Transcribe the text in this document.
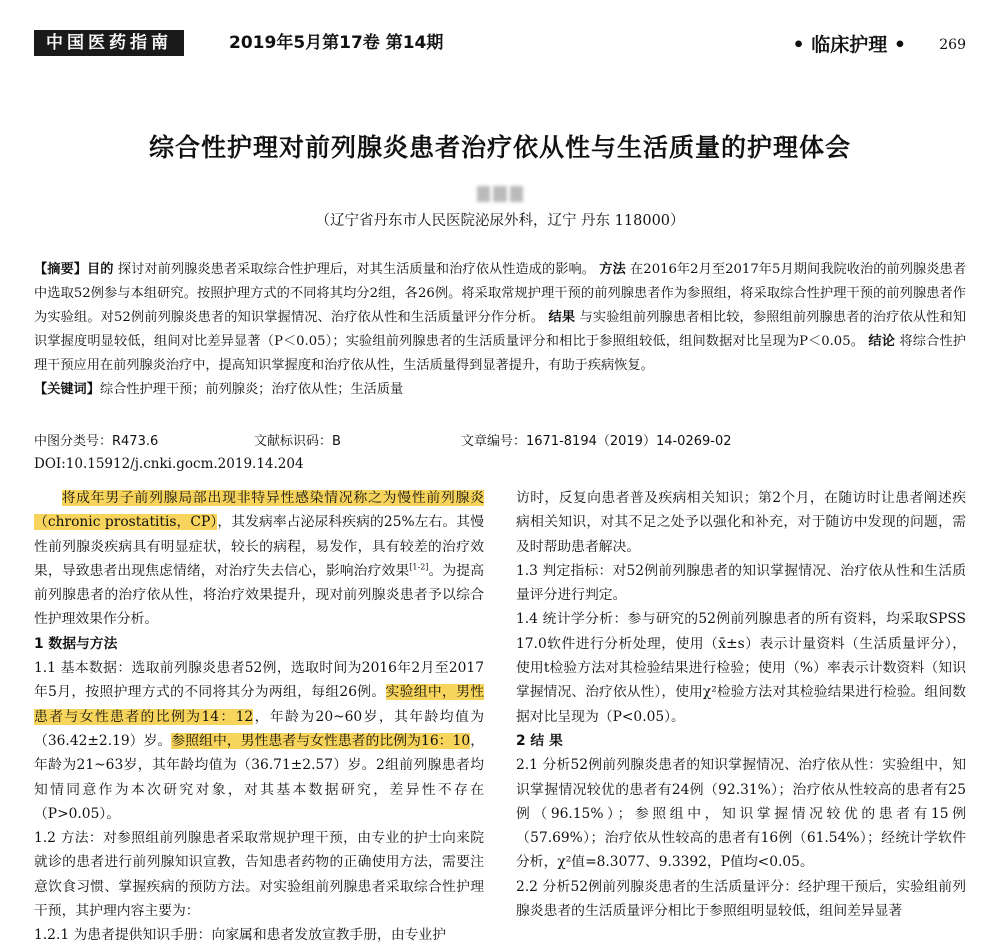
中国医药指南	2019年5月第17卷 第14期	• 临床护理 • 269
综合性护理对前列腺炎患者治疗依从性与生活质量的护理体会
（辽宁省丹东市人民医院泌尿外科，辽宁 丹东 118000）

【摘要】目的 探讨对前列腺炎患者采取综合性护理后，对其生活质量和治疗依从性造成的影响。 方法 在2016年2月至2017年5月期间我院收治的前列腺炎患者中选取52例参与本组研究。按照护理方式的不同将其均分2组，各26例。将采取常规护理干预的前列腺患者作为参照组，将采取综合性护理干预的前列腺患者作为实验组。对52例前列腺炎患者的知识掌握情况、治疗依从性和生活质量评分作分析。 结果 与实验组前列腺患者相比较，参照组前列腺患者的治疗依从性和知识掌握度明显较低，组间对比差异显著（P＜0.05）；实验组前列腺患者的生活质量评分和相比于参照组较低，组间数据对比呈现为P＜0.05。 结论 将综合性护理干预应用在前列腺炎治疗中，提高知识掌握度和治疗依从性，生活质量得到显著提升，有助于疾病恢复。

【关键词】综合性护理干预；前列腺炎；治疗依从性；生活质量

中图分类号：R473.6	文献标识码：B	文章编号：1671-8194（2019）14-0269-02
DOI:10.15912/j.cnki.gocm.2019.14.204

将成年男子前列腺局部出现非特异性感染情况称之为慢性前列腺炎（chronic prostatitis，CP），其发病率占泌尿科疾病的25%左右。其慢性前列腺炎疾病具有明显症状，较长的病程，易发作，具有较差的治疗效果，导致患者出现焦虑情绪，对治疗失去信心，影响治疗效果[1-2]。为提高前列腺患者的治疗依从性，将治疗效果提升，现对前列腺炎患者予以综合性护理效果作分析。

1 数据与方法

1.1 基本数据：选取前列腺炎患者52例，选取时间为2016年2月至2017年5月，按照护理方式的不同将其分为两组，每组26例。实验组中，男性患者与女性患者的比例为14：12，年龄为20~60岁，其年龄均值为（36.42±2.19）岁。参照组中，男性患者与女性患者的比例为16：10，年龄为21~63岁，其年龄均值为（36.71±2.57）岁。2组前列腺患者均知情同意作为本次研究对象，对其基本数据研究，差异性不存在（P>0.05）。

1.2 方法：对参照组前列腺患者采取常规护理干预，由专业的护士向来院就诊的患者进行前列腺知识宣教，告知患者药物的正确使用方法，需要注意饮食习惯、掌握疾病的预防方法。对实验组前列腺患者采取综合性护理干预，其护理内容主要为：

1.2.1 为患者提供知识手册：向家属和患者发放宣教手册，由专业护

访时，反复向患者普及疾病相关知识；第2个月，在随访时让患者阐述疾病相关知识，对其不足之处予以强化和补充，对于随访中发现的问题，需及时帮助患者解决。

1.3 判定指标：对52例前列腺患者的知识掌握情况、治疗依从性和生活质量评分进行判定。

1.4 统计学分析：参与研究的52例前列腺患者的所有资料，均采取SPSS 17.0软件进行分析处理，使用（x̄±s）表示计量资料（生活质量评分），使用t检验方法对其检验结果进行检验；使用（%）率表示计数资料（知识掌握情况、治疗依从性），使用χ²检验方法对其检验结果进行检验。组间数据对比呈现为（P<0.05）。

2 结 果

2.1 分析52例前列腺炎患者的知识掌握情况、治疗依从性：实验组中，知识掌握情况较优的患者有24例（92.31%）；治疗依从性较高的患者有25例（96.15%）；参照组中，知识掌握情况较优的患者有15例（57.69%）；治疗依从性较高的患者有16例（61.54%）；经统计学软件分析，χ²值=8.3077、9.3392，P值均<0.05。

2.2 分析52例前列腺炎患者的生活质量评分：经护理干预后，实验组前列腺炎患者的生活质量评分相比于参照组明显较低，组间差异显著
